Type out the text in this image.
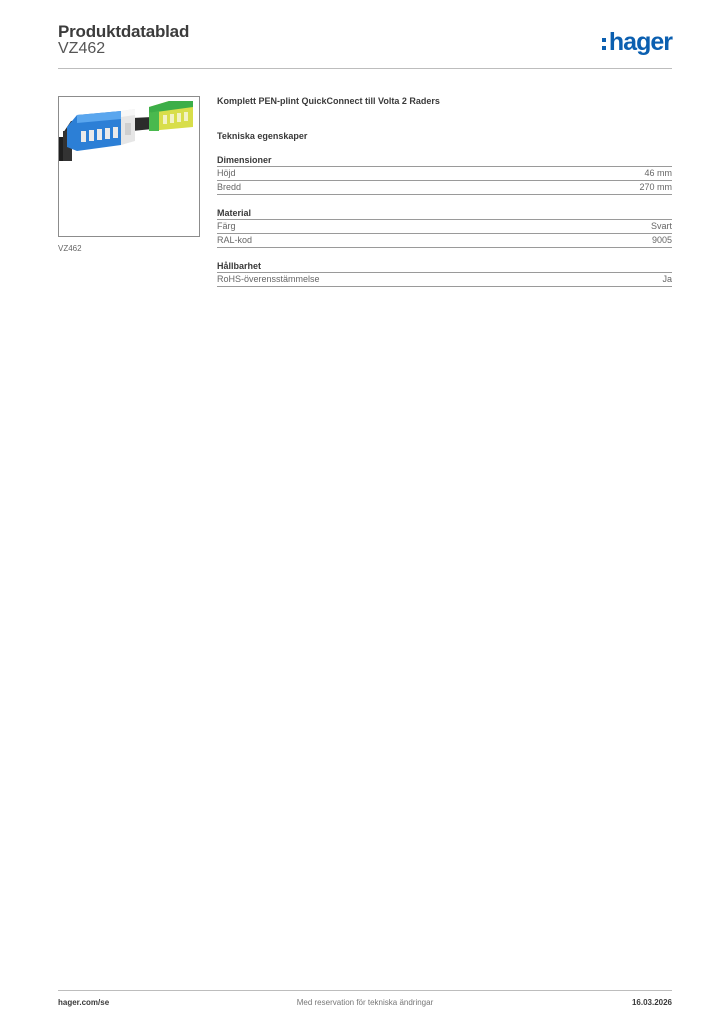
Produktdatablad
VZ462	hager
VZ462
Komplett PEN-plint QuickConnect till Volta 2 Raders
Tekniska egenskaper
Dimensioner
Höjd	46 mm
Bredd	270 mm
Material
Färg	Svart
RAL-kod	9005
Hållbarhet
RoHS-överensstämmelse	Ja
hager.com/se	Med reservation för tekniska ändringar	16.03.2026
